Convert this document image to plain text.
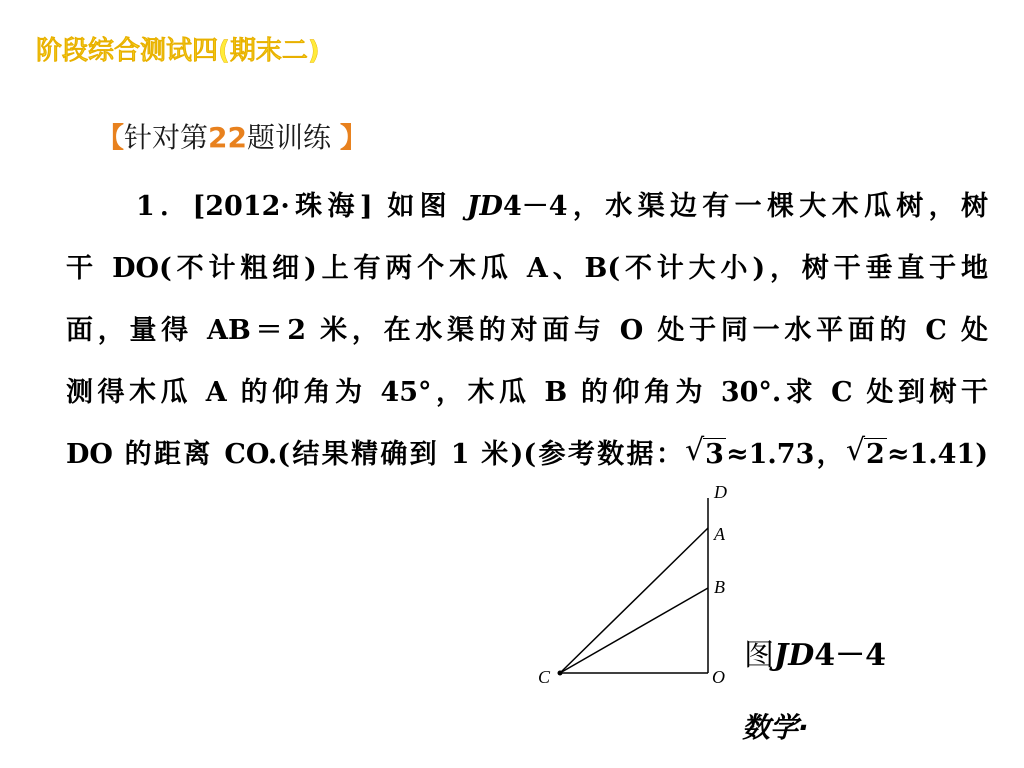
阶段综合测试四(期末二)
【针对第22题训练 】
1．[2012·珠海] 如图 JD4－4，水渠边有一棵大木瓜树，树
干 DO(不计粗细)上有两个木瓜 A、B(不计大小)，树干垂直于地
面，量得 AB＝2 米，在水渠的对面与 O 处于同一水平面的 C 处
测得木瓜 A 的仰角为 45°，木瓜 B 的仰角为 30°.求 C 处到树干
DO 的距离 CO.(结果精确到 1 米)(参考数据： √ 3≈1.73， √ 2≈1.41)
D
A
B
C	O
图JD4－4
数学·
